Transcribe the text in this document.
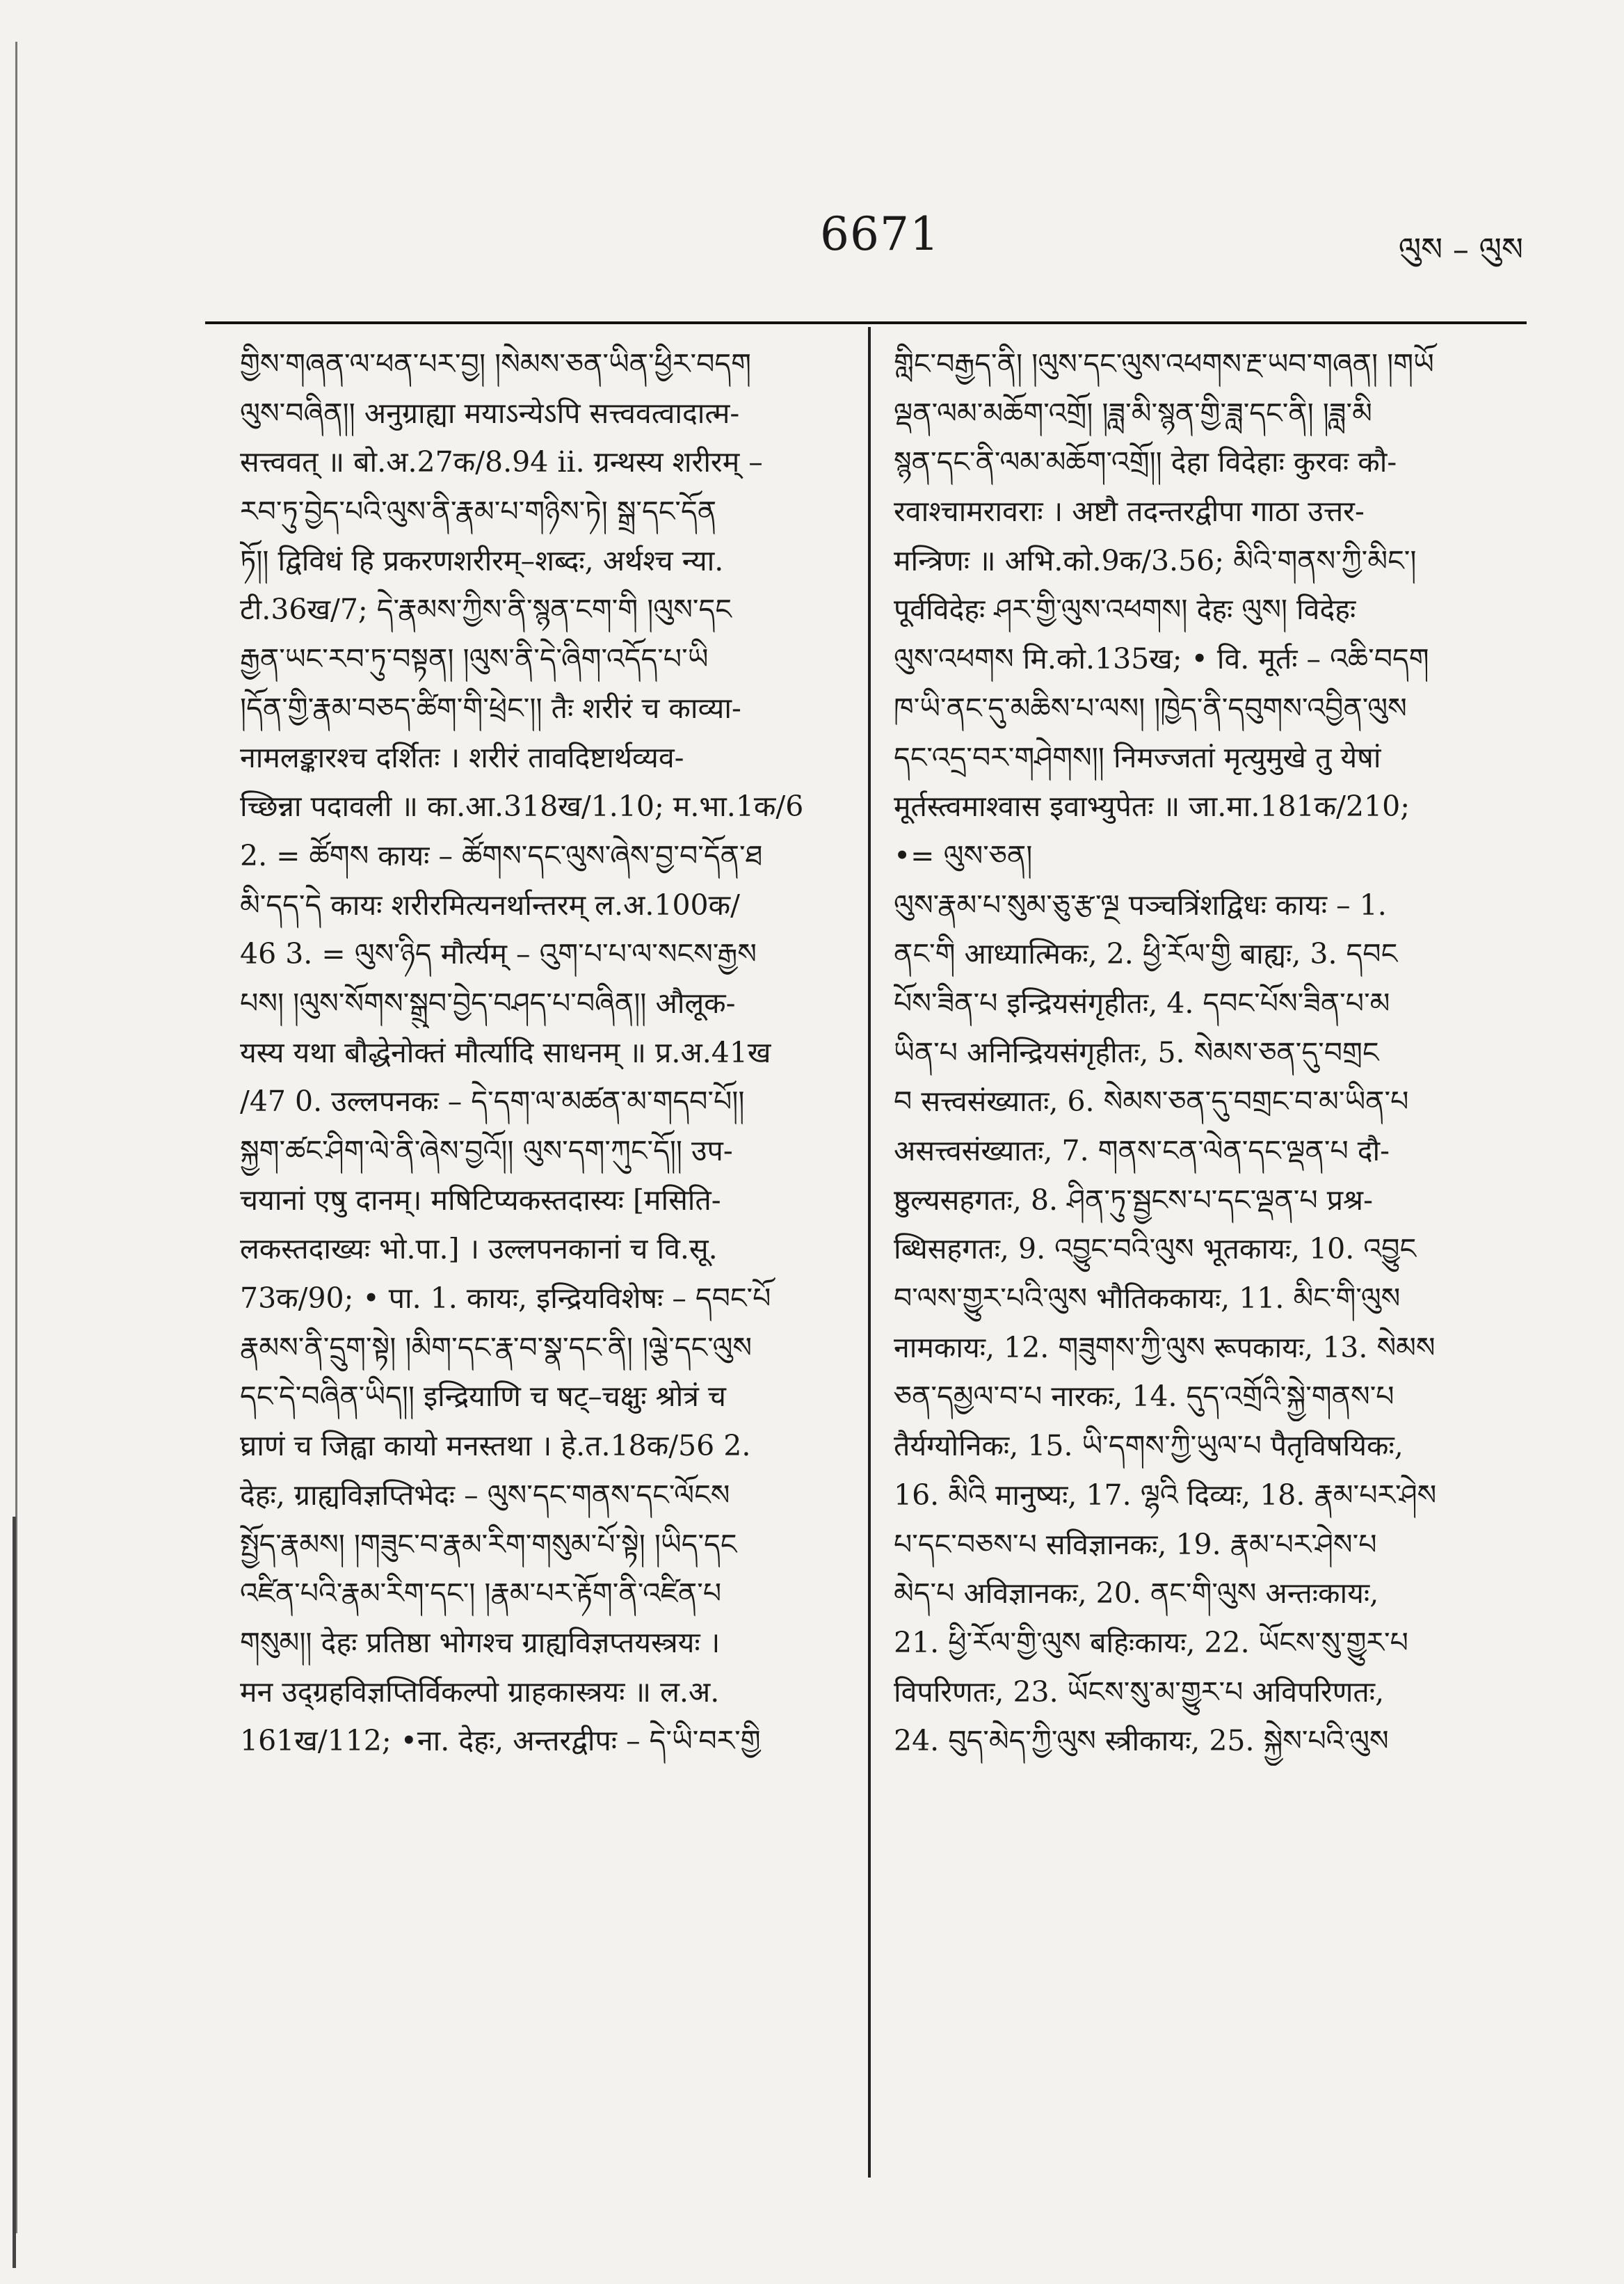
6671	ལུས – ལུས
གྱིས་གཞན་ལ་ཕན་པར་བྱ། །སེམས་ཅན་ཡིན་ཕྱིར་བདག
ལུས་བཞིན།། अनुग्राह्या मयाऽन्येऽपि सत्त्ववत्वादात्म-
सत्त्ववत् ॥ बो.अ.27क/8.94 ii. ग्रन्थस्य शरीरम् –
རབ་ཏུ་བྱེད་པའི་ལུས་ནི་རྣམ་པ་གཉིས་ཏེ། སྒྲ་དང་དོན
ཏོ།། द्विविधं हि प्रकरणशरीरम्–शब्दः, अर्थश्च न्या.
टी.36ख/7; དེ་རྣམས་ཀྱིས་ནི་སྙན་ངག་གི །ལུས་དང
རྒྱན་ཡང་རབ་ཏུ་བསྟན། །ལུས་ནི་དེ་ཞིག་འདོད་པ་ཡི
།དོན་གྱི་རྣམ་བཅད་ཚིག་གི་ཕྲེང་།། तैः शरीरं च काव्या-
नामलङ्कारश्च दर्शितः । शरीरं तावदिष्टार्थव्यव-
च्छिन्ना पदावली ॥ का.आ.318ख/1.10; म.भा.1क/6
2. = ཚོགས कायः – ཚོགས་དང་ལུས་ཞེས་བྱ་བ་དོན་ཐ
མི་དད་དེ कायः शरीरमित्यनर्थान्तरम् ल.अ.100क/
46 3. = ལུས་ཉིད मौर्त्यम् – འུག་པ་པ་ལ་སངས་རྒྱས
པས། །ལུས་སོགས་སྒྲུབ་བྱེད་བཤད་པ་བཞིན།། औलूक-
यस्य यथा बौद्धेनोक्तं मौर्त्यादि साधनम् ॥ प्र.अ.41ख
/47 0. उल्लपनकः – དེ་དག་ལ་མཚན་མ་གདབ་པོ།།
སྐྱག་ཚང་ཤིག་ལེ་ནི་ཞེས་བྱའོ།། ལུས་དག་ཀུང་དོ།། उप-
चयानां एषु दानम्। मषिटिप्यकस्तदास्यः [मसिति-
लकस्तदाख्यः भो.पा.] । उल्लपनकानां च वि.सू.
73क/90; • पा. 1. कायः, इन्द्रियविशेषः – དབང་པོ
རྣམས་ནི་དྲུག་སྟེ། །མིག་དང་རྣ་བ་སྣ་དང་ནི། །ལྕེ་དང་ལུས
དང་དེ་བཞིན་ཡིད།། इन्द्रियाणि च षट्–चक्षुः श्रोत्रं च
घ्राणं च जिह्वा कायो मनस्तथा । हे.त.18क/56 2.
देहः, ग्राह्यविज्ञप्तिभेदः – ལུས་དང་གནས་དང་ལོངས
སྤྱོད་རྣམས། །གཟུང་བ་རྣམ་རིག་གསུམ་པོ་སྟེ། །ཡིད་དང
འཛིན་པའི་རྣམ་རིག་དང་། །རྣམ་པར་རྟོག་ནི་འཛིན་པ
གསུམ།། देहः प्रतिष्ठा भोगश्च ग्राह्यविज्ञप्तयस्त्रयः ।
मन उद्ग्रहविज्ञप्तिर्विकल्पो ग्राहकास्त्रयः ॥ ल.अ.
161ख/112; •ना. देहः, अन्तरद्वीपः – དེ་ཡི་བར་གྱི
གླིང་བརྒྱད་ནི། །ལུས་དང་ལུས་འཕགས་རྔ་ཡབ་གཞན། །གཡོ
ལྡན་ལམ་མཆོག་འགྲོ། །ཟླ་མི་སྙན་གྱི་ཟླ་དང་ནི། །ཟླ་མི
སྙན་དང་ནི་ལམ་མཆོག་འགྲོ།། देहा विदेहाः कुरवः कौ-
रवाश्चामरावराः । अष्टौ तदन्तरद्वीपा गाठा उत्तर-
मन्त्रिणः ॥ अभि.को.9क/3.56; མིའི་གནས་ཀྱི་མིང་།
पूर्वविदेहः ཤར་གྱི་ལུས་འཕགས། देहः ལུས། विदेहः
ལུས་འཕགས मि.को.135ख; • वि. मूर्तः – འཆི་བདག
ཁ་ཡི་ནང་དུ་མཆིས་པ་ལས། །ཁྱེད་ནི་དབུགས་འབྱིན་ལུས
དང་འདྲ་བར་གཤེགས།། निमज्जतां मृत्युमुखे तु येषां
मूर्तस्त्वमाश्वास इवाभ्युपेतः ॥ जा.मा.181क/210;
•= ལུས་ཅན།
ལུས་རྣམ་པ་སུམ་ཅུ་རྩ་ལྔ पञ्चत्रिंशद्विधः कायः – 1.
ནང་གི आध्यात्मिकः, 2. ཕྱི་རོལ་གྱི बाह्यः, 3. དབང
པོས་ཟིན་པ इन्द्रियसंगृहीतः, 4. དབང་པོས་ཟིན་པ་མ
ཡིན་པ अनिन्द्रियसंगृहीतः, 5. སེམས་ཅན་དུ་བགྲང
བ सत्त्वसंख्यातः, 6. སེམས་ཅན་དུ་བགྲང་བ་མ་ཡིན་པ
असत्त्वसंख्यातः, 7. གནས་ངན་ལེན་དང་ལྡན་པ दौ-
ष्ठुल्यसहगतः, 8. ཤིན་ཏུ་སྦྱངས་པ་དང་ལྡན་པ प्रश्र-
ब्धिसहगतः, 9. འབྱུང་བའི་ལུས भूतकायः, 10. འབྱུང
བ་ལས་གྱུར་པའི་ལུས भौतिककायः, 11. མིང་གི་ལུས
नामकायः, 12. གཟུགས་ཀྱི་ལུས रूपकायः, 13. སེམས
ཅན་དམྱལ་བ་པ नारकः, 14. དུད་འགྲོའི་སྐྱེ་གནས་པ
तैर्यग्योनिकः, 15. ཡི་དགས་ཀྱི་ཡུལ་པ पैतृविषयिकः,
16. མིའི मानुष्यः, 17. ལྷའི दिव्यः, 18. རྣམ་པར་ཤེས
པ་དང་བཅས་པ सविज्ञानकः, 19. རྣམ་པར་ཤེས་པ
མེད་པ अविज्ञानकः, 20. ནང་གི་ལུས अन्तःकायः,
21. ཕྱི་རོལ་གྱི་ལུས बहिःकायः, 22. ཡོངས་སུ་གྱུར་པ
विपरिणतः, 23. ཡོངས་སུ་མ་གྱུར་པ अविपरिणतः,
24. བུད་མེད་ཀྱི་ལུས स्त्रीकायः, 25. སྐྱེས་པའི་ལུས
